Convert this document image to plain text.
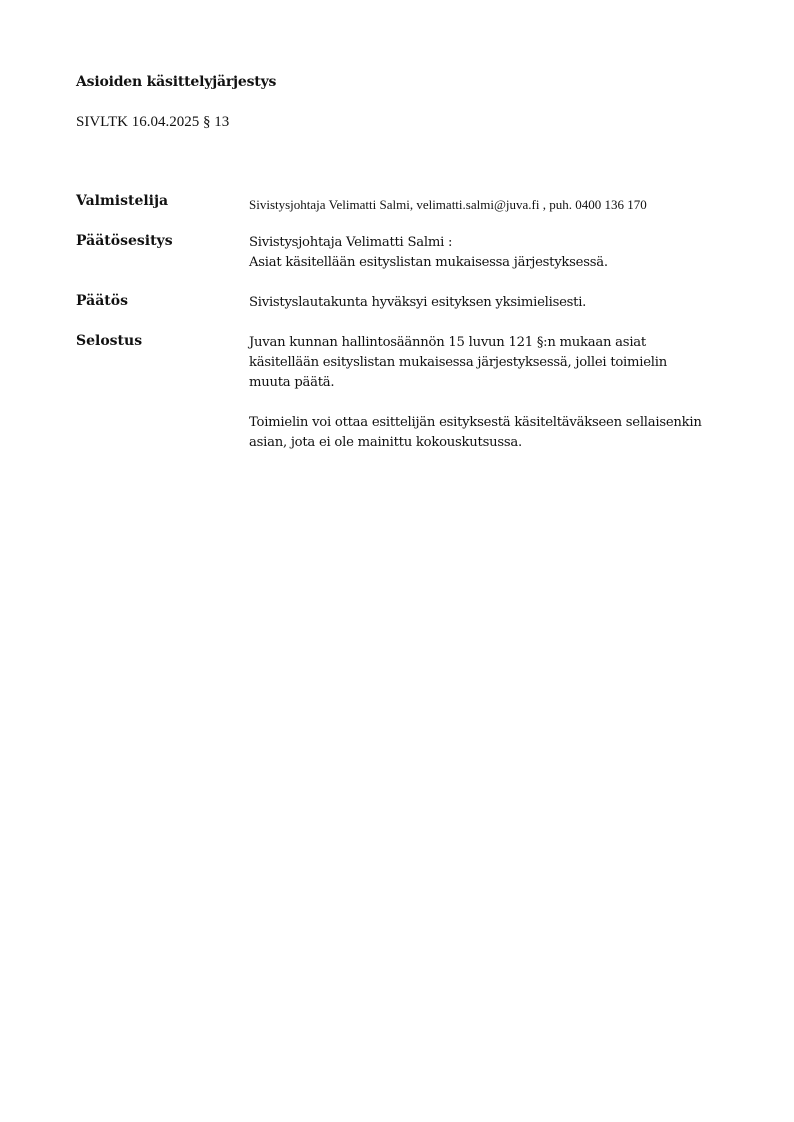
Asioiden käsittelyjärjestys
SIVLTK 16.04.2025 § 13
Valmistelija	Sivistysjohtaja Velimatti Salmi, velimatti.salmi@juva.fi , puh. 0400 136 170
Päätösesitys	Sivistysjohtaja Velimatti Salmi :

Asiat käsitellään esityslistan mukaisessa järjestyksessä.

Päätös	Sivistyslautakunta hyväksyi esityksen yksimielisesti.

Selostus	Juvan kunnan hallintosäännön 15 luvun 121 §:n mukaan asiat käsitellään esityslistan mukaisessa järjestyksessä, jollei toimielin muuta päätä.

Toimielin voi ottaa esittelijän esityksestä käsiteltäväkseen sellaisenkin asian, jota ei ole mainittu kokouskutsussa.
